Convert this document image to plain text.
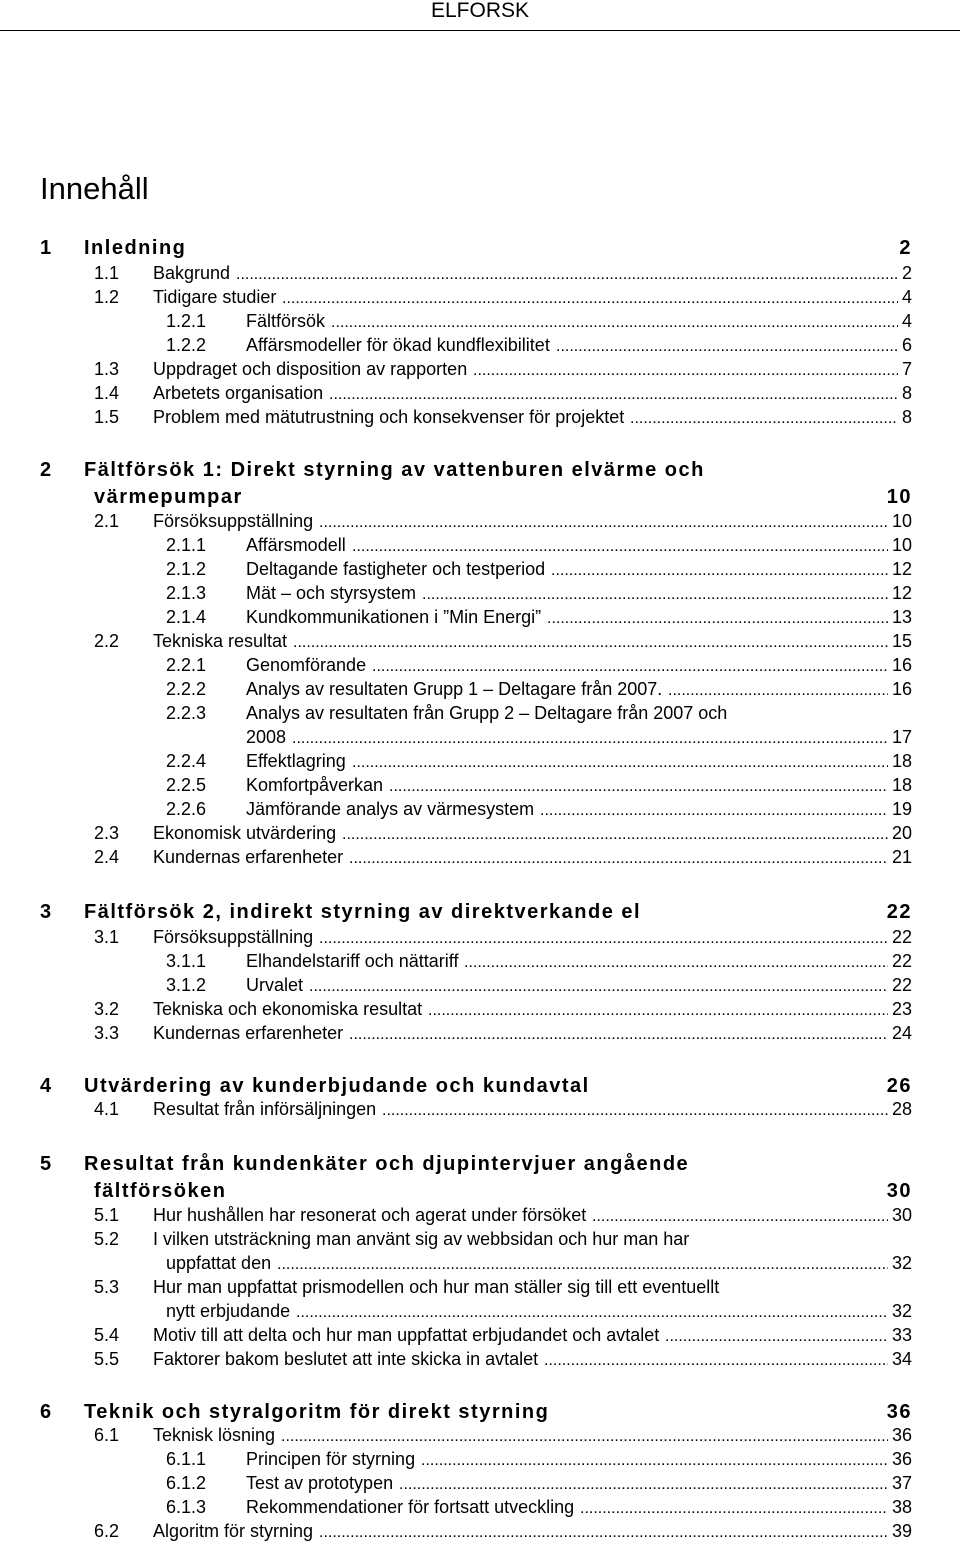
ELFORSK
Innehåll
1 Inledning	2
1.1 Bakgrund	2
.....
1.2 Tidigare studier	4
.....
1.2.1 Fältförsök	4
.....
1.2.2 Affärsmodeller för ökad kundflexibilitet	6
.....
1.3 Uppdraget och disposition av rapporten	7
.....
1.4 Arbetets organisation	8
.....
1.5 Problem med mätutrustning och konsekvenser för projektet	8
.....
2 Fältförsök 1: Direkt styrning av vattenburen elvärme och
värmepumpar	10
2.1 Försöksuppställning	10
.....
2.1.1 Affärsmodell	10
.....
2.1.2 Deltagande fastigheter och testperiod	12
.....
2.1.3 Mät – och styrsystem	12
.....
2.1.4 Kundkommunikationen i ”Min Energi”	13
.....
2.2 Tekniska resultat	15
.....
2.2.1 Genomförande	16
.....
2.2.2 Analys av resultaten Grupp 1 – Deltagare från 2007.	16
.....
2.2.3 Analys av resultaten från Grupp 2 – Deltagare från 2007 och
2008	17
.....
2.2.4 Effektlagring	18
.....
2.2.5 Komfortpåverkan	18
.....
2.2.6 Jämförande analys av värmesystem	19
.....
2.3 Ekonomisk utvärdering	20
.....
2.4 Kundernas erfarenheter	21
.....
3 Fältförsök 2, indirekt styrning av direktverkande el	22
3.1 Försöksuppställning	22
.....
3.1.1 Elhandelstariff och nättariff	22
.....
3.1.2 Urvalet	22
.....
3.2 Tekniska och ekonomiska resultat	23
.....
3.3 Kundernas erfarenheter	24
.....
4 Utvärdering av kunderbjudande och kundavtal	26
4.1 Resultat från införsäljningen	28
.....
5 Resultat från kundenkäter och djupintervjuer angående
fältförsöken	30
5.1 Hur hushållen har resonerat och agerat under försöket	30
.....
5.2 I vilken utsträckning man använt sig av webbsidan och hur man har
uppfattat den	32
.....
5.3 Hur man uppfattat prismodellen och hur man ställer sig till ett eventuellt
nytt erbjudande	32
.....
5.4 Motiv till att delta och hur man uppfattat erbjudandet och avtalet	33
.....
5.5 Faktorer bakom beslutet att inte skicka in avtalet	34
.....
6 Teknik och styralgoritm för direkt styrning	36
6.1 Teknisk lösning	36
.....
6.1.1 Principen för styrning	36
.....
6.1.2 Test av prototypen	37
.....
6.1.3 Rekommendationer för fortsatt utveckling	38
.....
6.2 Algoritm för styrning	39
.....
